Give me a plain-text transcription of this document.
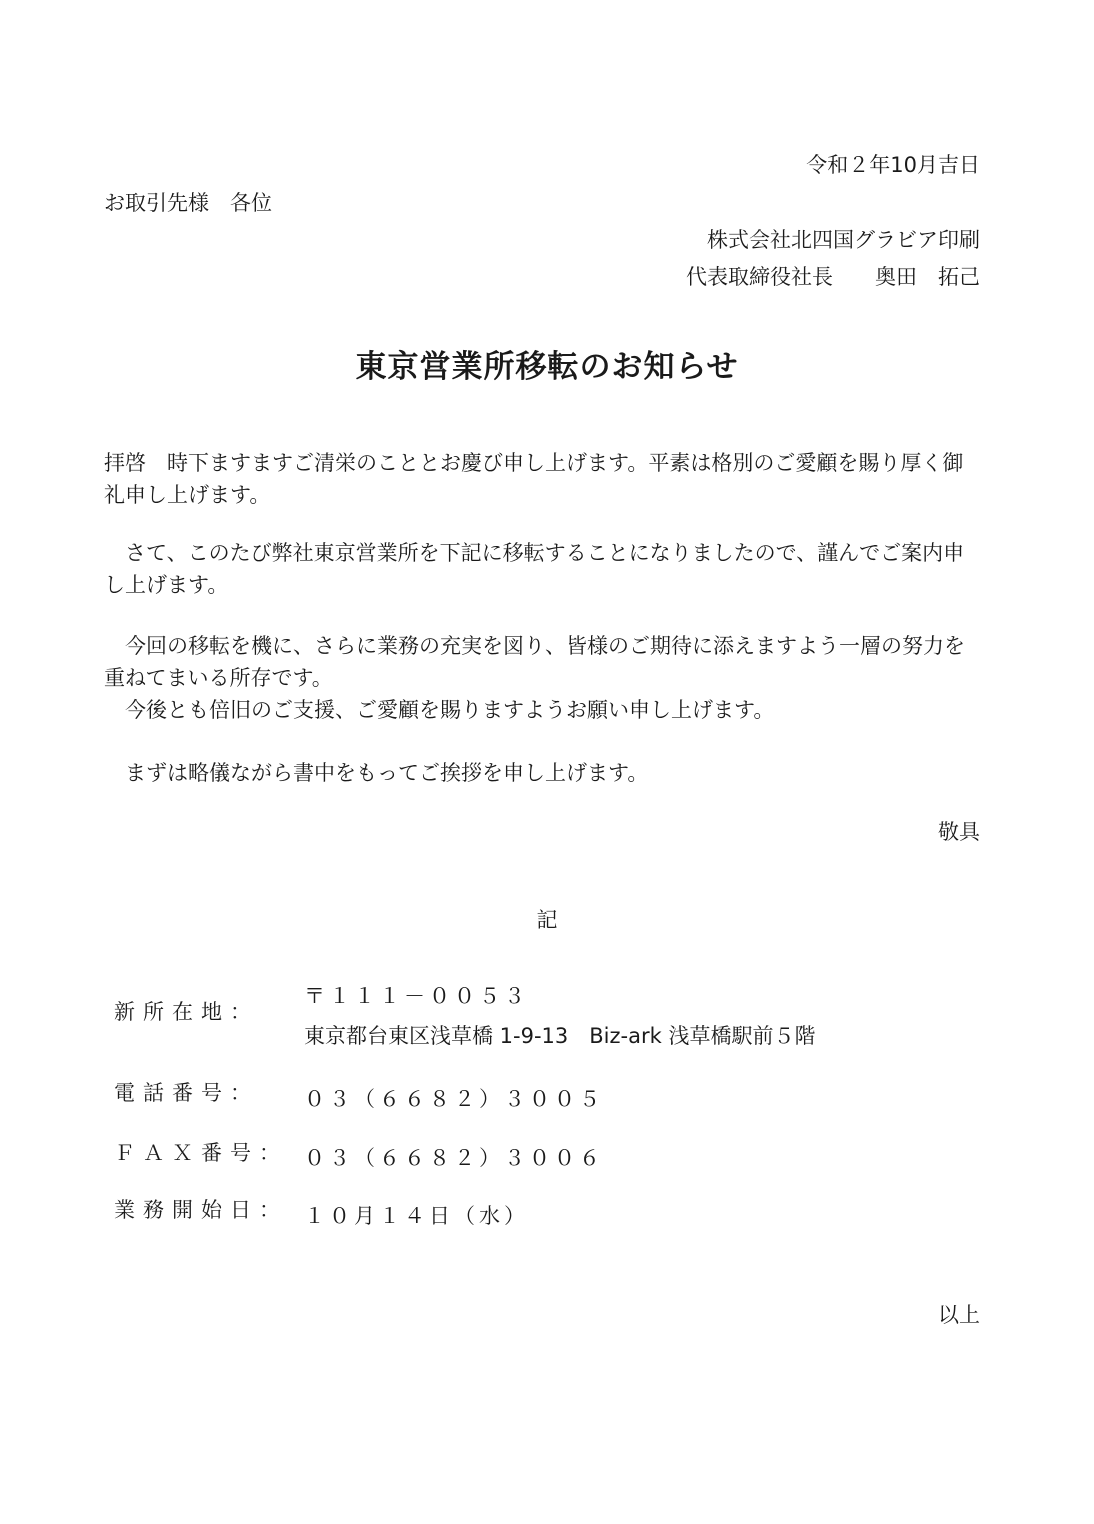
令和２年10月吉日
お取引先様　各位
株式会社北四国グラビア印刷
代表取締役社長　　奥田　拓己
東京営業所移転のお知らせ

拝啓　時下ますますご清栄のこととお慶び申し上げます。平素は格別のご愛顧を賜り厚く御礼申し上げます。

　さて、このたび弊社東京営業所を下記に移転することになりましたので、謹んでご案内申し上げます。

　今回の移転を機に、さらに業務の充実を図り、皆様のご期待に添えますよう一層の努力を重ねてまいる所存です。

　今後とも倍旧のご支援、ご愛顧を賜りますようお願い申し上げます。

　まずは略儀ながら書中をもってご挨拶を申し上げます。

敬具
記
新所在地：
〒１１１－００５３
東京都台東区浅草橋 1-9-13　Biz-ark 浅草橋駅前５階
電話番号：	０３（６６８２）３００５
ＦＡＸ番号： ０３（６６８２）３００６
業務開始日： １０月１４日（水）
以上
